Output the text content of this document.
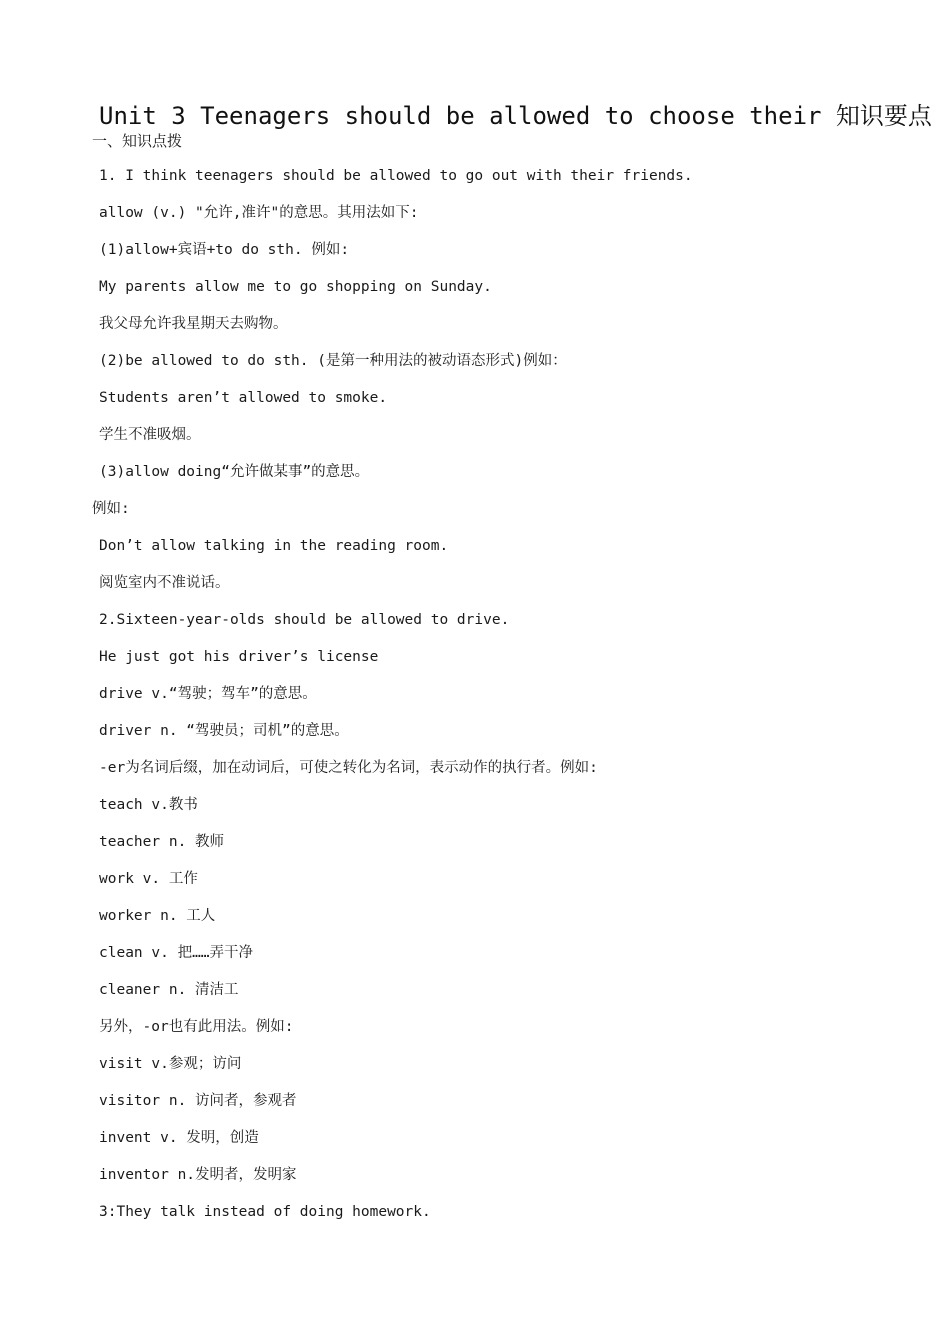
Unit 3 Teenagers should be allowed to choose their 知识要点
一、知识点拨
1. I think teenagers should be allowed to go out with their friends.
allow (v.) "允许,准许"的意思。其用法如下:
(1)allow+宾语+to do sth. 例如:
My parents allow me to go shopping on Sunday.
我父母允许我星期天去购物。
(2)be allowed to do sth. (是第一种用法的被动语态形式)例如：
Students aren’t allowed to smoke.
学生不准吸烟。
(3)allow doing“允许做某事”的意思。
例如:
Don’t allow talking in the reading room.
阅览室内不准说话。
2.Sixteen-year-olds should be allowed to drive.
He just got his driver’s license
drive v.“驾驶；驾车”的意思。
driver n. “驾驶员；司机”的意思。
-er为名词后缀，加在动词后，可使之转化为名词，表示动作的执行者。例如:
teach v.教书
teacher n. 教师
work v. 工作
worker n. 工人
clean v. 把……弄干净
cleaner n. 清洁工
另外，-or也有此用法。例如:
visit v.参观；访问
visitor n. 访问者，参观者
invent v. 发明，创造
inventor n.发明者，发明家
3:They talk instead of doing homework.
